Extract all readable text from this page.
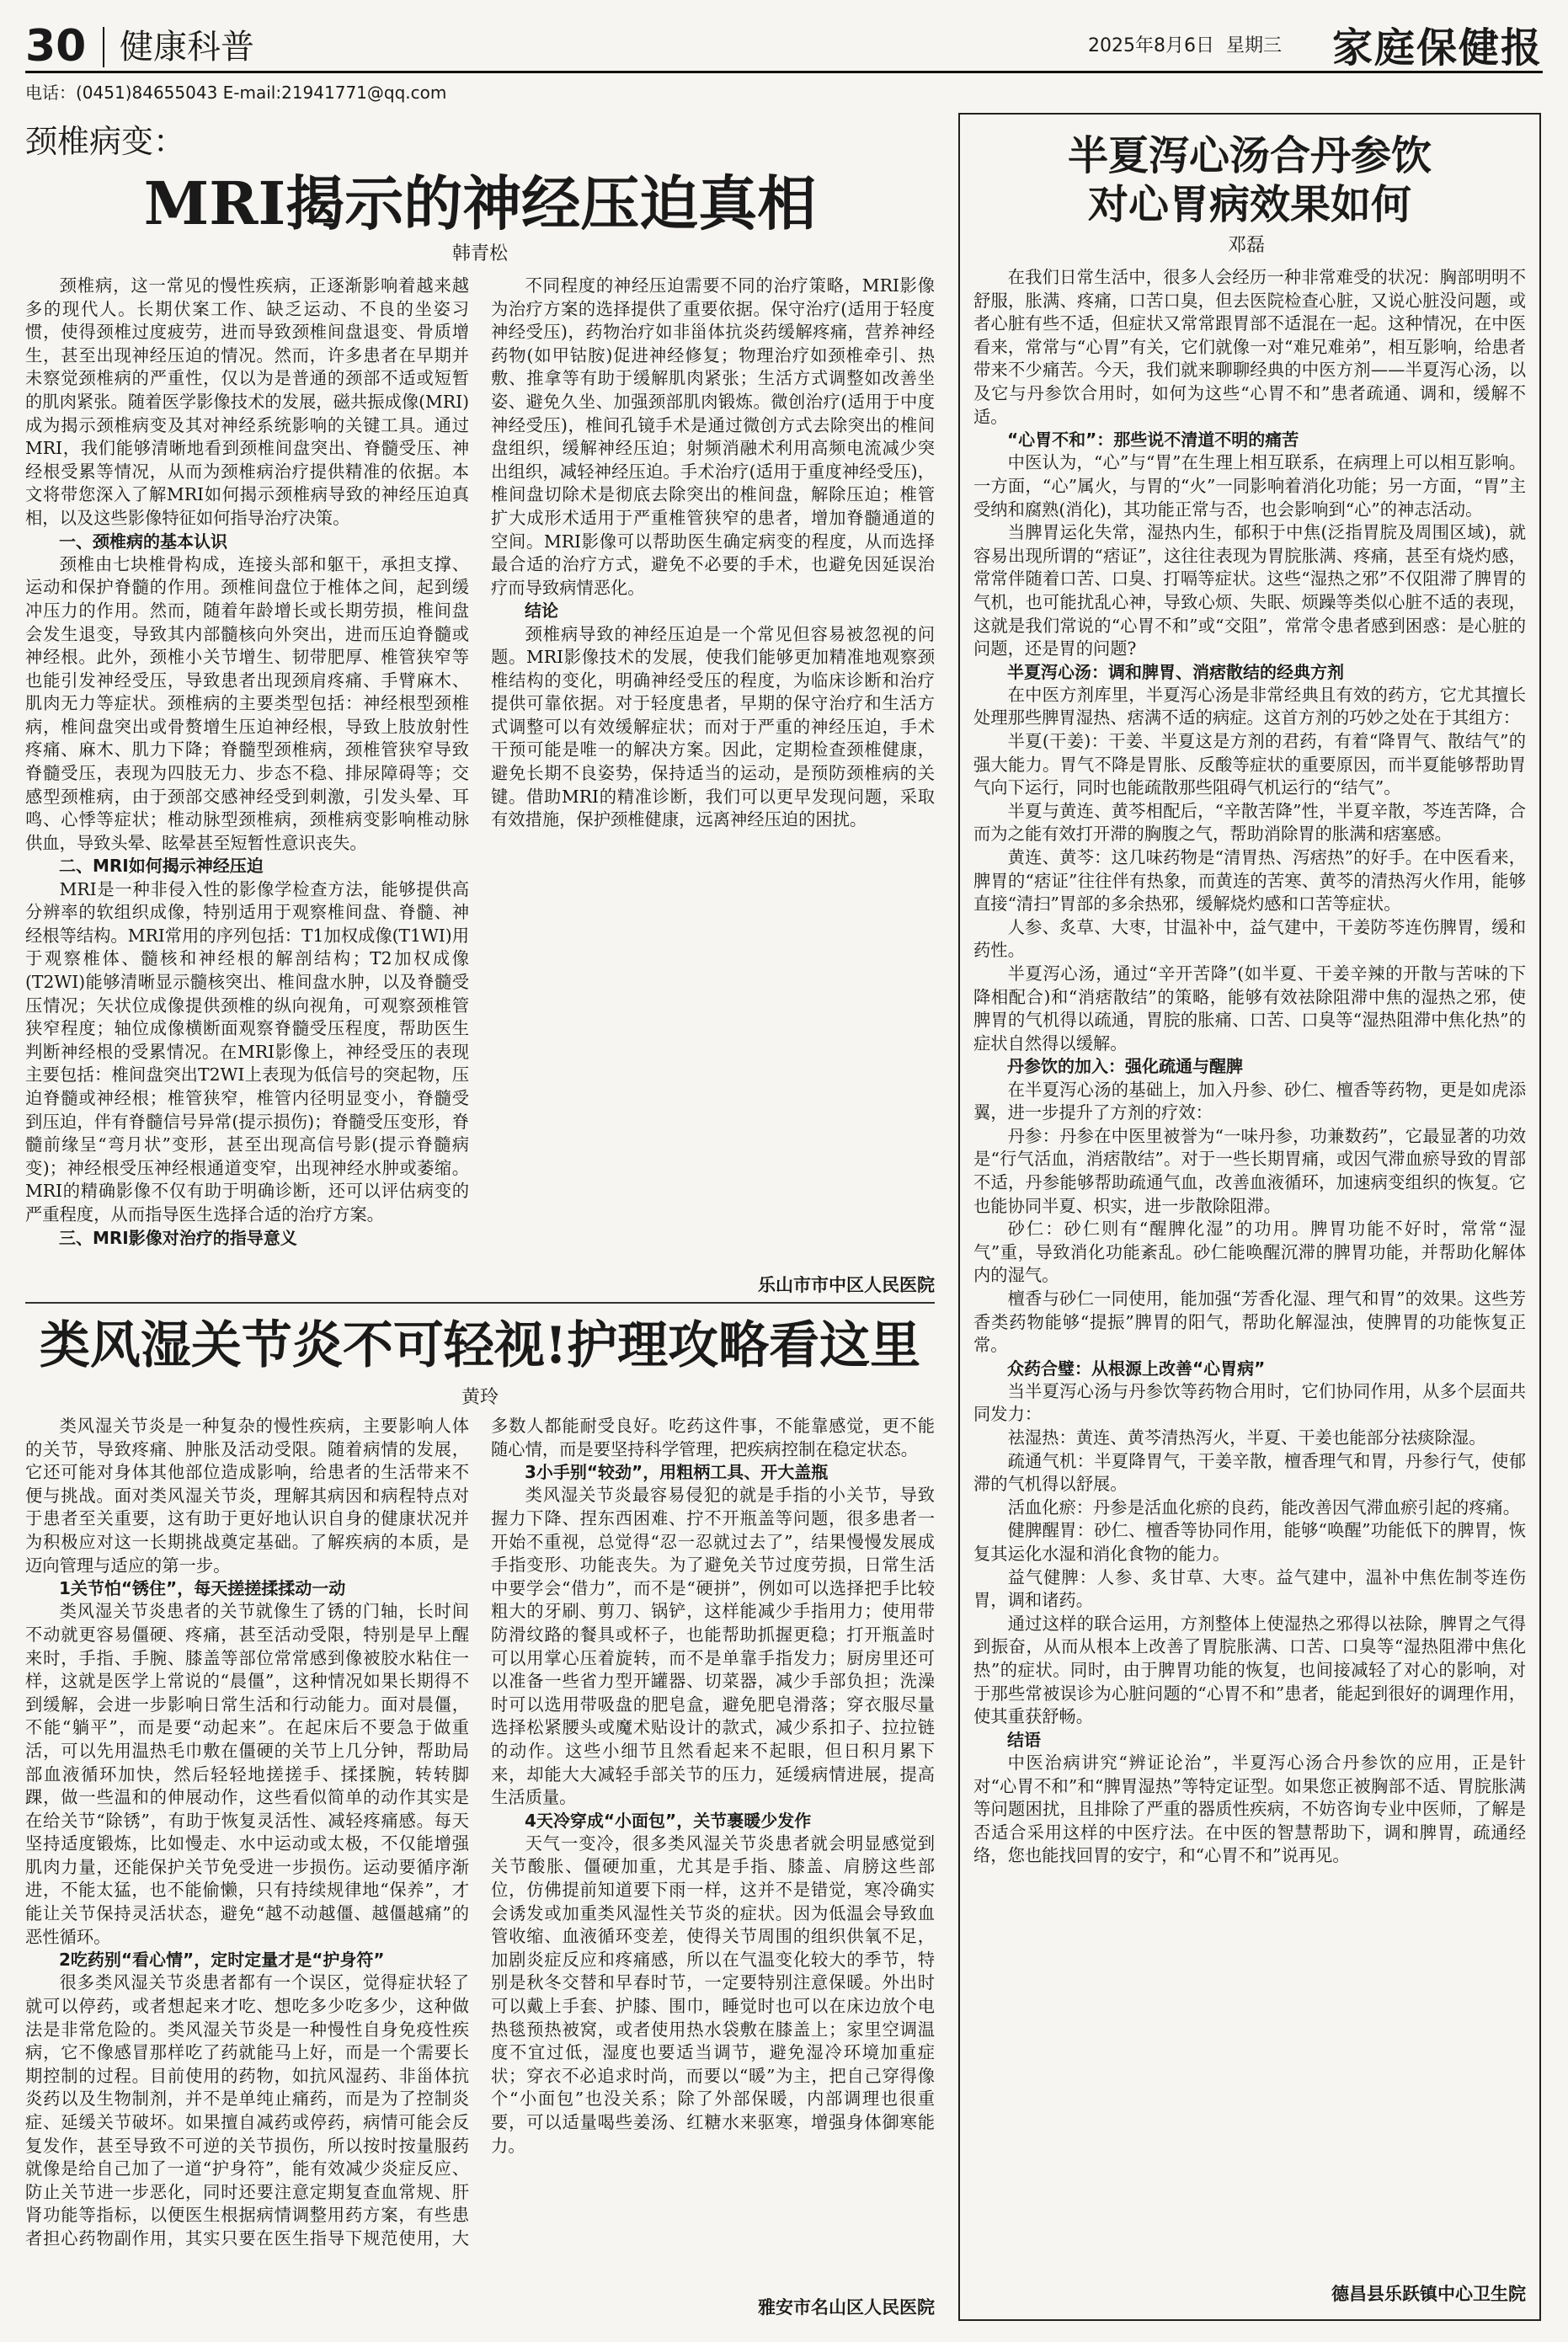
30 健康科普	2025年8月6日  星期三 家庭保健报
电话：(0451)84655043 E-mail:21941771@qq.com
颈椎病变：
MRI揭示的神经压迫真相
韩青松

颈椎病，这一常见的慢性疾病，正逐渐影响着越来越多的现代人。长期伏案工作、缺乏运动、不良的坐姿习惯，使得颈椎过度疲劳，进而导致颈椎间盘退变、骨质增生，甚至出现神经压迫的情况。然而，许多患者在早期并未察觉颈椎病的严重性，仅以为是普通的颈部不适或短暂的肌肉紧张。随着医学影像技术的发展，磁共振成像(MRI)成为揭示颈椎病变及其对神经系统影响的关键工具。通过MRI，我们能够清晰地看到颈椎间盘突出、脊髓受压、神经根受累等情况，从而为颈椎病治疗提供精准的依据。本文将带您深入了解MRI如何揭示颈椎病导致的神经压迫真相，以及这些影像特征如何指导治疗决策。

一、颈椎病的基本认识

颈椎由七块椎骨构成，连接头部和躯干，承担支撑、运动和保护脊髓的作用。颈椎间盘位于椎体之间，起到缓冲压力的作用。然而，随着年龄增长或长期劳损，椎间盘会发生退变，导致其内部髓核向外突出，进而压迫脊髓或神经根。此外，颈椎小关节增生、韧带肥厚、椎管狭窄等也能引发神经受压，导致患者出现颈肩疼痛、手臂麻木、肌肉无力等症状。颈椎病的主要类型包括：神经根型颈椎病，椎间盘突出或骨赘增生压迫神经根，导致上肢放射性疼痛、麻木、肌力下降；脊髓型颈椎病，颈椎管狭窄导致脊髓受压，表现为四肢无力、步态不稳、排尿障碍等；交感型颈椎病，由于颈部交感神经受到刺激，引发头晕、耳鸣、心悸等症状；椎动脉型颈椎病，颈椎病变影响椎动脉供血，导致头晕、眩晕甚至短暂性意识丧失。

二、MRI如何揭示神经压迫

MRI是一种非侵入性的影像学检查方法，能够提供高分辨率的软组织成像，特别适用于观察椎间盘、脊髓、神经根等结构。MRI常用的序列包括：T1加权成像(T1WI)用于观察椎体、髓核和神经根的解剖结构；T2加权成像(T2WI)能够清晰显示髓核突出、椎间盘水肿，以及脊髓受压情况；矢状位成像提供颈椎的纵向视角，可观察颈椎管狭窄程度；轴位成像横断面观察脊髓受压程度，帮助医生判断神经根的受累情况。在MRI影像上，神经受压的表现主要包括：椎间盘突出T2WI上表现为低信号的突起物，压迫脊髓或神经根；椎管狭窄，椎管内径明显变小，脊髓受到压迫，伴有脊髓信号异常(提示损伤)；脊髓受压变形，脊髓前缘呈“弯月状”变形，甚至出现高信号影(提示脊髓病变)；神经根受压神经根通道变窄，出现神经水肿或萎缩。MRI的精确影像不仅有助于明确诊断，还可以评估病变的严重程度，从而指导医生选择合适的治疗方案。

三、MRI影像对治疗的指导意义

不同程度的神经压迫需要不同的治疗策略，MRI影像为治疗方案的选择提供了重要依据。保守治疗(适用于轻度神经受压)，药物治疗如非甾体抗炎药缓解疼痛，营养神经药物(如甲钴胺)促进神经修复；物理治疗如颈椎牵引、热敷、推拿等有助于缓解肌肉紧张；生活方式调整如改善坐姿、避免久坐、加强颈部肌肉锻炼。微创治疗(适用于中度神经受压)，椎间孔镜手术是通过微创方式去除突出的椎间盘组织，缓解神经压迫；射频消融术利用高频电流减少突出组织，减轻神经压迫。手术治疗(适用于重度神经受压)，椎间盘切除术是彻底去除突出的椎间盘，解除压迫；椎管扩大成形术适用于严重椎管狭窄的患者，增加脊髓通道的空间。MRI影像可以帮助医生确定病变的程度，从而选择最合适的治疗方式，避免不必要的手术，也避免因延误治疗而导致病情恶化。

结论

颈椎病导致的神经压迫是一个常见但容易被忽视的问题。MRI影像技术的发展，使我们能够更加精准地观察颈椎结构的变化，明确神经受压的程度，为临床诊断和治疗提供可靠依据。对于轻度患者，早期的保守治疗和生活方式调整可以有效缓解症状；而对于严重的神经压迫，手术干预可能是唯一的解决方案。因此，定期检查颈椎健康，避免长期不良姿势，保持适当的运动，是预防颈椎病的关键。借助MRI的精准诊断，我们可以更早发现问题，采取有效措施，保护颈椎健康，远离神经压迫的困扰。

乐山市市中区人民医院
类风湿关节炎不可轻视!护理攻略看这里
黄玲

类风湿关节炎是一种复杂的慢性疾病，主要影响人体的关节，导致疼痛、肿胀及活动受限。随着病情的发展，它还可能对身体其他部位造成影响，给患者的生活带来不便与挑战。面对类风湿关节炎，理解其病因和病程特点对于患者至关重要，这有助于更好地认识自身的健康状况并为积极应对这一长期挑战奠定基础。了解疾病的本质，是迈向管理与适应的第一步。

1关节怕“锈住”，每天搓搓揉揉动一动

类风湿关节炎患者的关节就像生了锈的门轴，长时间不动就更容易僵硬、疼痛，甚至活动受限，特别是早上醒来时，手指、手腕、膝盖等部位常常感到像被胶水粘住一样，这就是医学上常说的“晨僵”，这种情况如果长期得不到缓解，会进一步影响日常生活和行动能力。面对晨僵，不能“躺平”，而是要“动起来”。在起床后不要急于做重活，可以先用温热毛巾敷在僵硬的关节上几分钟，帮助局部血液循环加快，然后轻轻地搓搓手、揉揉腕，转转脚踝，做一些温和的伸展动作，这些看似简单的动作其实是在给关节“除锈”，有助于恢复灵活性、减轻疼痛感。每天坚持适度锻炼，比如慢走、水中运动或太极，不仅能增强肌肉力量，还能保护关节免受进一步损伤。运动要循序渐进，不能太猛，也不能偷懒，只有持续规律地“保养”，才能让关节保持灵活状态，避免“越不动越僵、越僵越痛”的恶性循环。

2吃药别“看心情”，定时定量才是“护身符”

很多类风湿关节炎患者都有一个误区，觉得症状轻了就可以停药，或者想起来才吃、想吃多少吃多少，这种做法是非常危险的。类风湿关节炎是一种慢性自身免疫性疾病，它不像感冒那样吃了药就能马上好，而是一个需要长期控制的过程。目前使用的药物，如抗风湿药、非甾体抗炎药以及生物制剂，并不是单纯止痛药，而是为了控制炎症、延缓关节破坏。如果擅自减药或停药，病情可能会反复发作，甚至导致不可逆的关节损伤，所以按时按量服药就像是给自己加了一道“护身符”，能有效减少炎症反应、防止关节进一步恶化，同时还要注意定期复查血常规、肝肾功能等指标，以便医生根据病情调整用药方案，有些患者担心药物副作用，其实只要在医生指导下规范使用，大多数人都能耐受良好。吃药这件事，不能靠感觉，更不能随心情，而是要坚持科学管理，把疾病控制在稳定状态。

3小手别“较劲”，用粗柄工具、开大盖瓶

类风湿关节炎最容易侵犯的就是手指的小关节，导致握力下降、捏东西困难、拧不开瓶盖等问题，很多患者一开始不重视，总觉得“忍一忍就过去了”，结果慢慢发展成手指变形、功能丧失。为了避免关节过度劳损，日常生活中要学会“借力”，而不是“硬拼”，例如可以选择把手比较粗大的牙刷、剪刀、锅铲，这样能减少手指用力；使用带防滑纹路的餐具或杯子，也能帮助抓握更稳；打开瓶盖时可以用掌心压着旋转，而不是单靠手指发力；厨房里还可以准备一些省力型开罐器、切菜器，减少手部负担；洗澡时可以选用带吸盘的肥皂盒，避免肥皂滑落；穿衣服尽量选择松紧腰头或魔术贴设计的款式，减少系扣子、拉拉链的动作。这些小细节且然看起来不起眼，但日积月累下来，却能大大减轻手部关节的压力，延缓病情进展，提高生活质量。

4天冷穿成“小面包”，关节裹暖少发作

天气一变冷，很多类风湿关节炎患者就会明显感觉到关节酸胀、僵硬加重，尤其是手指、膝盖、肩膀这些部位，仿佛提前知道要下雨一样，这并不是错觉，寒冷确实会诱发或加重类风湿性关节炎的症状。因为低温会导致血管收缩、血液循环变差，使得关节周围的组织供氧不足，加剧炎症反应和疼痛感，所以在气温变化较大的季节，特别是秋冬交替和早春时节，一定要特别注意保暖。外出时可以戴上手套、护膝、围巾，睡觉时也可以在床边放个电热毯预热被窝，或者使用热水袋敷在膝盖上；家里空调温度不宜过低，湿度也要适当调节，避免湿冷环境加重症状；穿衣不必追求时尚，而要以“暖”为主，把自己穿得像个“小面包”也没关系；除了外部保暖，内部调理也很重要，可以适量喝些姜汤、红糖水来驱寒，增强身体御寒能力。

雅安市名山区人民医院
半夏泻心汤合丹参饮
对心胃病效果如何
邓磊

在我们日常生活中，很多人会经历一种非常难受的状况：胸部明明不舒服，胀满、疼痛，口苦口臭，但去医院检查心脏，又说心脏没问题，或者心脏有些不适，但症状又常常跟胃部不适混在一起。这种情况，在中医看来，常常与“心胃”有关，它们就像一对“难兄难弟”，相互影响，给患者带来不少痛苦。今天，我们就来聊聊经典的中医方剂——半夏泻心汤，以及它与丹参饮合用时，如何为这些“心胃不和”患者疏通、调和，缓解不适。

“心胃不和”：那些说不清道不明的痛苦

中医认为，“心”与“胃”在生理上相互联系，在病理上可以相互影响。一方面，“心”属火，与胃的“火”一同影响着消化功能；另一方面，“胃”主受纳和腐熟(消化)，其功能正常与否，也会影响到“心”的神志活动。

当脾胃运化失常，湿热内生，郁积于中焦(泛指胃脘及周围区域)，就容易出现所谓的“痞证”，这往往表现为胃脘胀满、疼痛，甚至有烧灼感，常常伴随着口苦、口臭、打嗝等症状。这些“湿热之邪”不仅阻滞了脾胃的气机，也可能扰乱心神，导致心烦、失眠、烦躁等类似心脏不适的表现，这就是我们常说的“心胃不和”或“交阻”，常常令患者感到困惑：是心脏的问题，还是胃的问题?

半夏泻心汤：调和脾胃、消痞散结的经典方剂

在中医方剂库里，半夏泻心汤是非常经典且有效的药方，它尤其擅长处理那些脾胃湿热、痞满不适的病症。这首方剂的巧妙之处在于其组方：

半夏(干姜)：干姜、半夏这是方剂的君药，有着“降胃气、散结气”的强大能力。胃气不降是胃胀、反酸等症状的重要原因，而半夏能够帮助胃气向下运行，同时也能疏散那些阻碍气机运行的“结气”。

半夏与黄连、黄芩相配后，“辛散苦降”性，半夏辛散，芩连苦降，合而为之能有效打开滞的胸腹之气，帮助消除胃的胀满和痞塞感。

黄连、黄芩：这几味药物是“清胃热、泻痞热”的好手。在中医看来，脾胃的“痞证”往往伴有热象，而黄连的苦寒、黄芩的清热泻火作用，能够直接“清扫”胃部的多余热邪，缓解烧灼感和口苦等症状。

人参、炙草、大枣，甘温补中，益气建中，干姜防芩连伤脾胃，缓和药性。

半夏泻心汤，通过“辛开苦降”(如半夏、干姜辛辣的开散与苦味的下降相配合)和“消痞散结”的策略，能够有效祛除阻滞中焦的湿热之邪，使脾胃的气机得以疏通，胃脘的胀痛、口苦、口臭等“湿热阻滞中焦化热”的症状自然得以缓解。

丹参饮的加入：强化疏通与醒脾

在半夏泻心汤的基础上，加入丹参、砂仁、檀香等药物，更是如虎添翼，进一步提升了方剂的疗效：

丹参：丹参在中医里被誉为“一味丹参，功兼数药”，它最显著的功效是“行气活血，消痞散结”。对于一些长期胃痛，或因气滞血瘀导致的胃部不适，丹参能够帮助疏通气血，改善血液循环，加速病变组织的恢复。它也能协同半夏、枳实，进一步散除阻滞。

砂仁：砂仁则有“醒脾化湿”的功用。脾胃功能不好时，常常“湿气”重，导致消化功能紊乱。砂仁能唤醒沉滞的脾胃功能，并帮助化解体内的湿气。

檀香与砂仁一同使用，能加强“芳香化湿、理气和胃”的效果。这些芳香类药物能够“提振”脾胃的阳气，帮助化解湿浊，使脾胃的功能恢复正常。

众药合璧：从根源上改善“心胃病”

当半夏泻心汤与丹参饮等药物合用时，它们协同作用，从多个层面共同发力：

祛湿热：黄连、黄芩清热泻火，半夏、干姜也能部分祛痰除湿。

疏通气机：半夏降胃气，干姜辛散，檀香理气和胃，丹参行气，使郁滞的气机得以舒展。

活血化瘀：丹参是活血化瘀的良药，能改善因气滞血瘀引起的疼痛。

健脾醒胃：砂仁、檀香等协同作用，能够“唤醒”功能低下的脾胃，恢复其运化水湿和消化食物的能力。

益气健脾：人参、炙甘草、大枣。益气建中，温补中焦佐制苓连伤胃，调和诸药。

通过这样的联合运用，方剂整体上使湿热之邪得以祛除，脾胃之气得到振奋，从而从根本上改善了胃脘胀满、口苦、口臭等“湿热阻滞中焦化热”的症状。同时，由于脾胃功能的恢复，也间接减轻了对心的影响，对于那些常被误诊为心脏问题的“心胃不和”患者，能起到很好的调理作用，使其重获舒畅。

结语

中医治病讲究“辨证论治”，半夏泻心汤合丹参饮的应用，正是针对“心胃不和”和“脾胃湿热”等特定证型。如果您正被胸部不适、胃脘胀满等问题困扰，且排除了严重的器质性疾病，不妨咨询专业中医师，了解是否适合采用这样的中医疗法。在中医的智慧帮助下，调和脾胃，疏通经络，您也能找回胃的安宁，和“心胃不和”说再见。

德昌县乐跃镇中心卫生院
